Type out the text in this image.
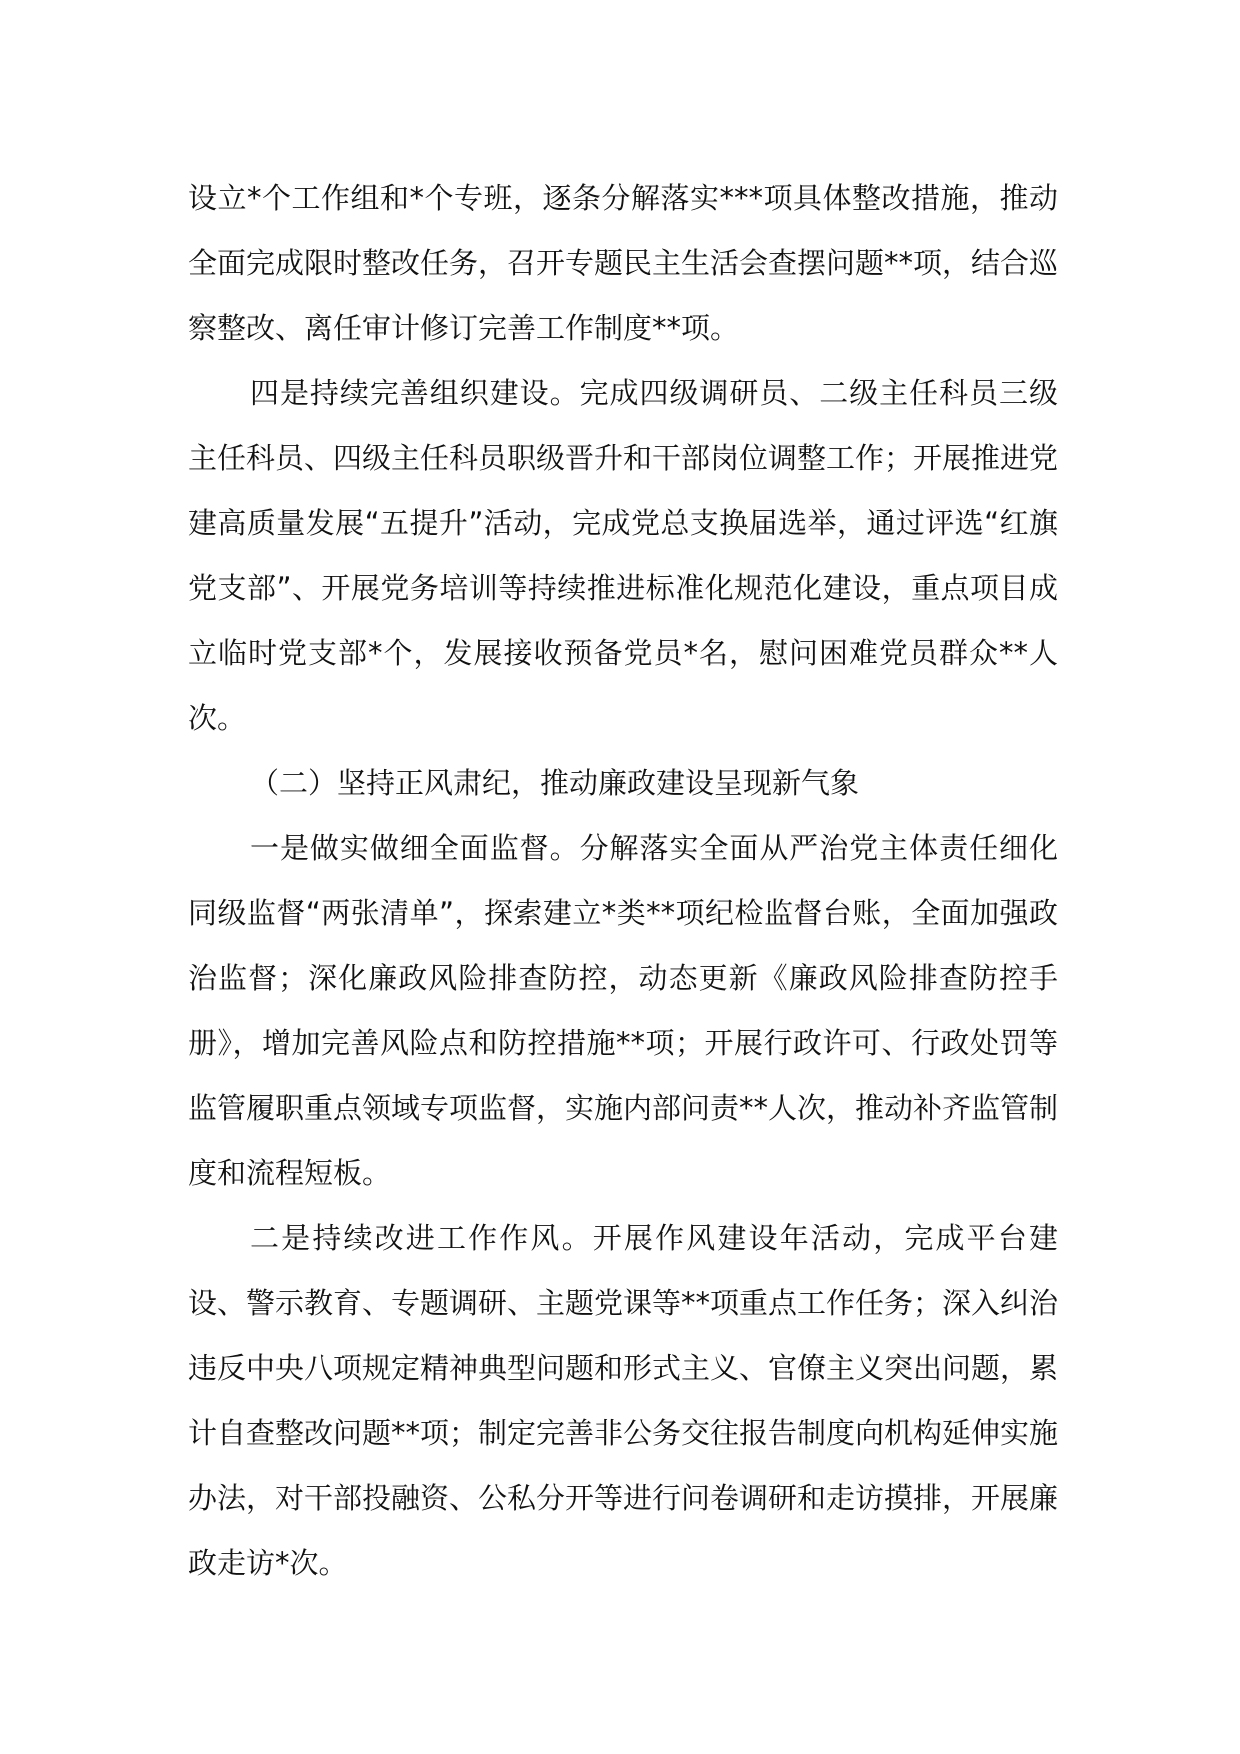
设立*个工作组和*个专班，逐条分解落实***项具体整改措施，推动全面完成限时整改任务，召开专题民主生活会查摆问题**项，结合巡察整改、离任审计修订完善工作制度**项。

四是持续完善组织建设。完成四级调研员、二级主任科员三级主任科员、四级主任科员职级晋升和干部岗位调整工作；开展推进党建高质量发展“五提升”活动，完成党总支换届选举，通过评选“红旗党支部”、开展党务培训等持续推进标准化规范化建设，重点项目成立临时党支部*个，发展接收预备党员*名，慰问困难党员群众**人次。

（二）坚持正风肃纪，推动廉政建设呈现新气象

一是做实做细全面监督。分解落实全面从严治党主体责任细化同级监督“两张清单”，探索建立*类**项纪检监督台账，全面加强政治监督；深化廉政风险排查防控，动态更新《廉政风险排查防控手册》，增加完善风险点和防控措施**项；开展行政许可、行政处罚等监管履职重点领域专项监督，实施内部问责**人次，推动补齐监管制度和流程短板。

二是持续改进工作作风。开展作风建设年活动，完成平台建设、警示教育、专题调研、主题党课等**项重点工作任务；深入纠治违反中央八项规定精神典型问题和形式主义、官僚主义突出问题，累计自查整改问题**项；制定完善非公务交往报告制度向机构延伸实施办法，对干部投融资、公私分开等进行问卷调研和走访摸排，开展廉政走访*次。
